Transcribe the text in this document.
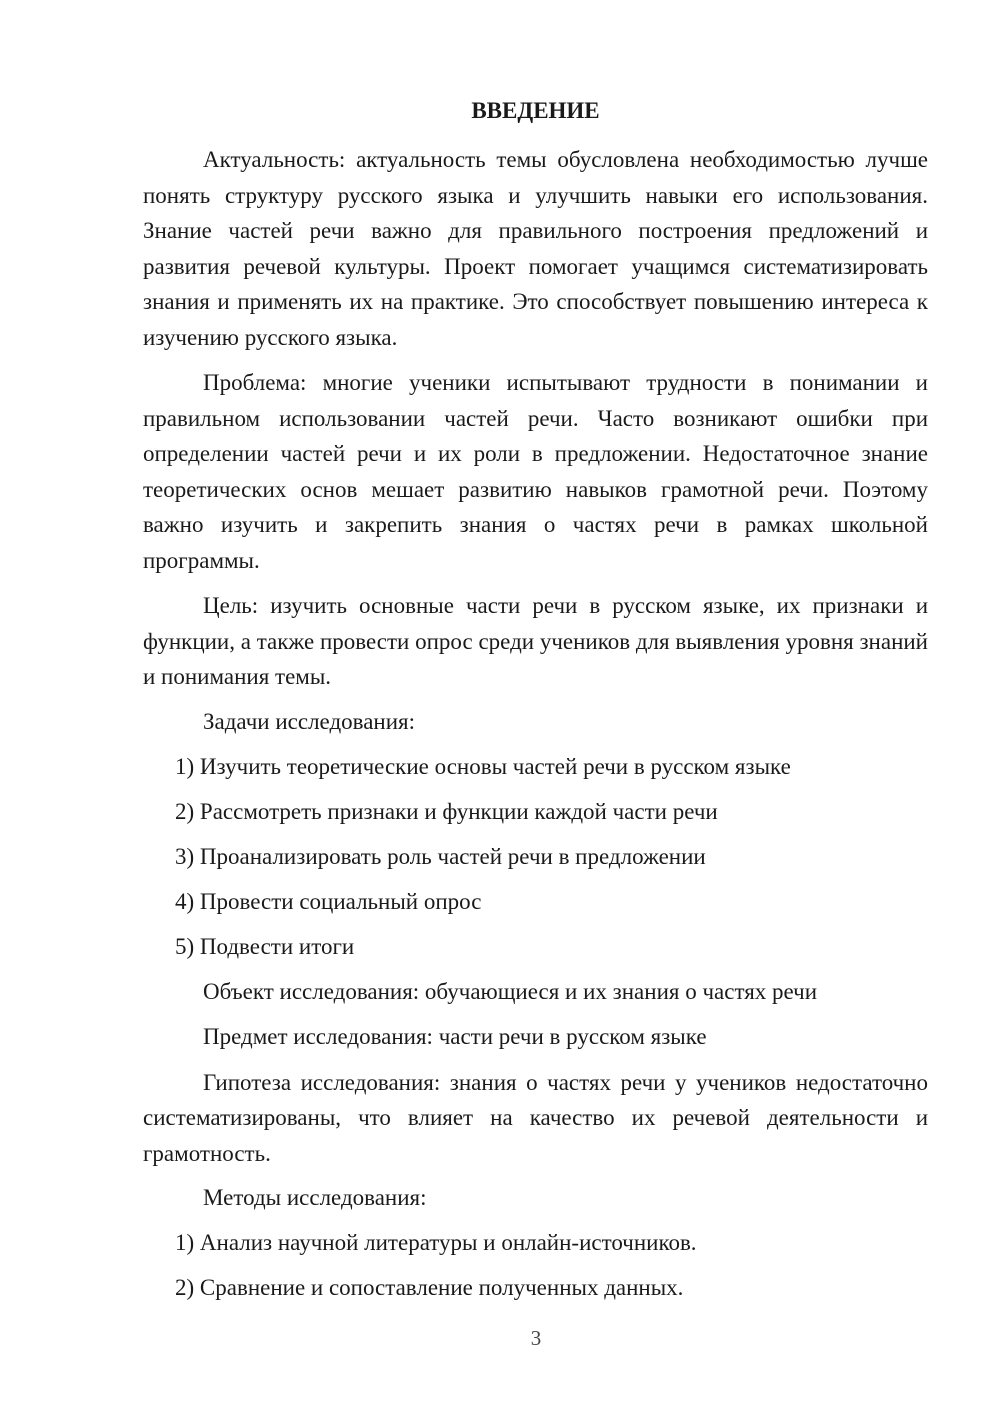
ВВЕДЕНИЕ

Актуальность: актуальность темы обусловлена необходимостью лучше понять структуру русского языка и улучшить навыки его использования. Знание частей речи важно для правильного построения предложений и развития речевой культуры. Проект помогает учащимся систематизировать знания и применять их на практике. Это способствует повышению интереса к изучению русского языка.

Проблема: многие ученики испытывают трудности в понимании и правильном использовании частей речи. Часто возникают ошибки при определении частей речи и их роли в предложении. Недостаточное знание теоретических основ мешает развитию навыков грамотной речи. Поэтому важно изучить и закрепить знания о частях речи в рамках школьной программы.

Цель: изучить основные части речи в русском языке, их признаки и функции, а также провести опрос среди учеников для выявления уровня знаний и понимания темы.

Задачи исследования:
1) Изучить теоретические основы частей речи в русском языке
2) Рассмотреть признаки и функции каждой части речи
3) Проанализировать роль частей речи в предложении
4) Провести социальный опрос
5) Подвести итоги
Объект исследования: обучающиеся и их знания о частях речи
Предмет исследования: части речи в русском языке

Гипотеза исследования: знания о частях речи у учеников недостаточно систематизированы, что влияет на качество их речевой деятельности и грамотность.

Методы исследования:
1) Анализ научной литературы и онлайн-источников.
2) Сравнение и сопоставление полученных данных.
3
